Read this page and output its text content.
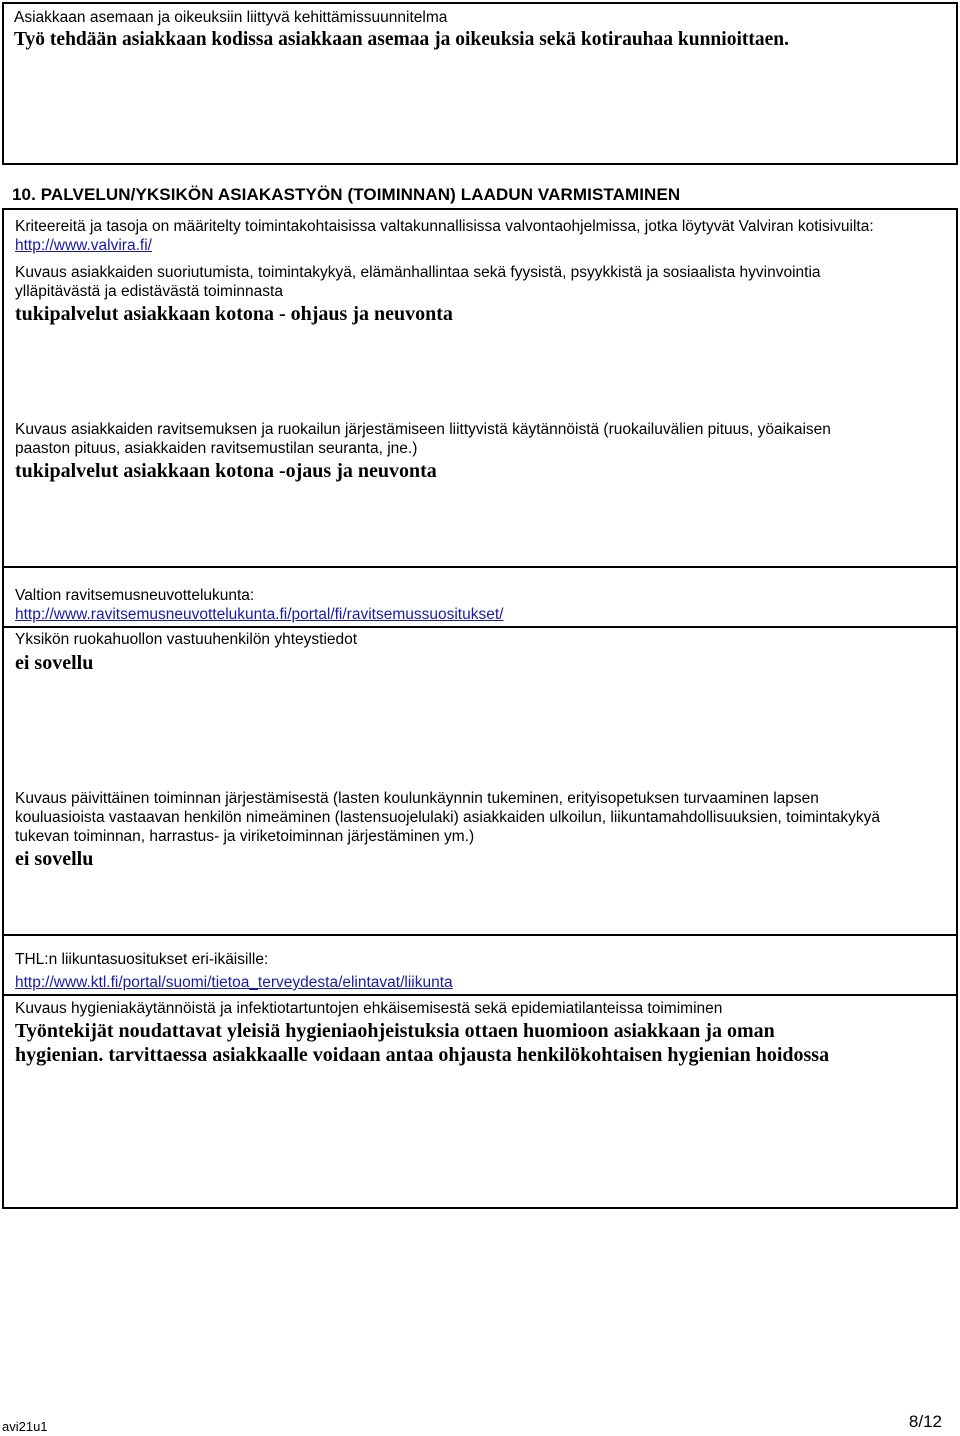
Asiakkaan asemaan ja oikeuksiin liittyvä kehittämissuunnitelma
Työ tehdään asiakkaan kodissa asiakkaan asemaa ja oikeuksia sekä kotirauhaa kunnioittaen.
10. PALVELUN/YKSIKÖN ASIAKASTYÖN (TOIMINNAN) LAADUN VARMISTAMINEN
Kriteereitä ja tasoja on määritelty toimintakohtaisissa valtakunnallisissa valvontaohjelmissa, jotka löytyvät Valviran kotisivuilta:
http://www.valvira.fi/
Kuvaus asiakkaiden suoriutumista, toimintakykyä, elämänhallintaa sekä fyysistä, psyykkistä ja sosiaalista hyvinvointia
ylläpitävästä ja edistävästä toiminnasta
tukipalvelut asiakkaan kotona - ohjaus ja neuvonta
Kuvaus asiakkaiden ravitsemuksen ja ruokailun järjestämiseen liittyvistä käytännöistä (ruokailuvälien pituus, yöaikaisen
paaston pituus, asiakkaiden ravitsemustilan seuranta, jne.)
tukipalvelut asiakkaan kotona -ojaus ja neuvonta
Valtion ravitsemusneuvottelukunta:
http://www.ravitsemusneuvottelukunta.fi/portal/fi/ravitsemussuositukset/
Yksikön ruokahuollon vastuuhenkilön yhteystiedot
ei sovellu
Kuvaus päivittäinen toiminnan järjestämisestä (lasten koulunkäynnin tukeminen, erityisopetuksen turvaaminen lapsen
kouluasioista vastaavan henkilön nimeäminen (lastensuojelulaki) asiakkaiden ulkoilun, liikuntamahdollisuuksien, toimintakykyä
tukevan toiminnan, harrastus- ja viriketoiminnan järjestäminen ym.)
ei sovellu
THL:n liikuntasuositukset eri-ikäisille:
http://www.ktl.fi/portal/suomi/tietoa_terveydesta/elintavat/liikunta
Kuvaus hygieniakäytännöistä ja infektiotartuntojen ehkäisemisestä sekä epidemiatilanteissa toimiminen
Työntekijät noudattavat yleisiä hygieniaohjeistuksia ottaen huomioon asiakkaan ja oman
hygienian. tarvittaessa asiakkaalle voidaan antaa ohjausta henkilökohtaisen hygienian hoidossa
avi21u1	8/12
